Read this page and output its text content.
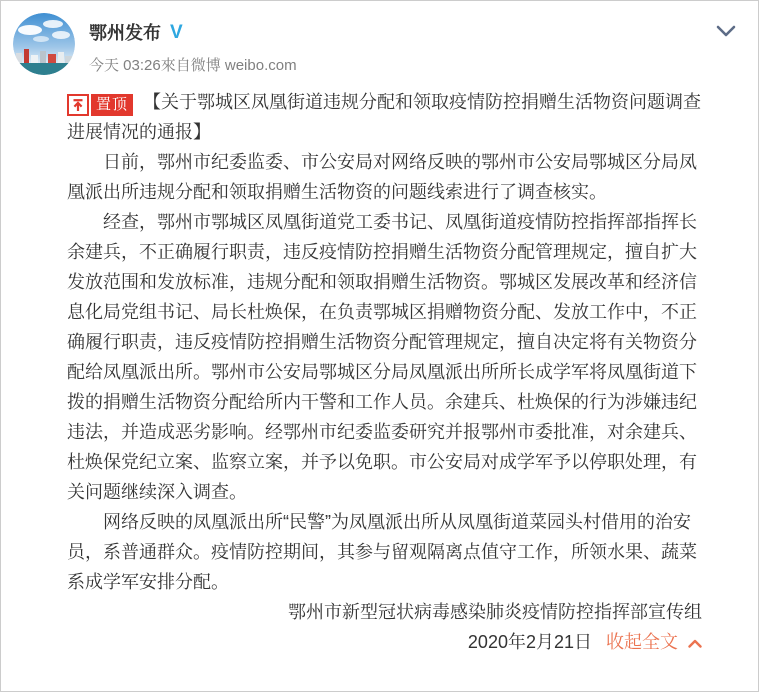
鄂州发布 V
今天 03:26來自微博 weibo.com

置顶 【关于鄂城区凤凰街道违规分配和领取疫情防控捐赠生活物资问题调查进展情况的通报】

日前，鄂州市纪委监委、市公安局对网络反映的鄂州市公安局鄂城区分局凤凰派出所违规分配和领取捐赠生活物资的问题线索进行了调查核实。

经查，鄂州市鄂城区凤凰街道党工委书记、凤凰街道疫情防控指挥部指挥长余建兵，不正确履行职责，违反疫情防控捐赠生活物资分配管理规定，擅自扩大发放范围和发放标准，违规分配和领取捐赠生活物资。鄂城区发展改革和经济信息化局党组书记、局长杜焕保，在负责鄂城区捐赠物资分配、发放工作中，不正确履行职责，违反疫情防控捐赠生活物资分配管理规定，擅自决定将有关物资分配给凤凰派出所。鄂州市公安局鄂城区分局凤凰派出所所长成学军将凤凰街道下拨的捐赠生活物资分配给所内干警和工作人员。余建兵、杜焕保的行为涉嫌违纪违法，并造成恶劣影响。经鄂州市纪委监委研究并报鄂州市委批准，对余建兵、杜焕保党纪立案、监察立案，并予以免职。市公安局对成学军予以停职处理，有关问题继续深入调查。

网络反映的凤凰派出所“民警”为凤凰派出所从凤凰街道菜园头村借用的治安员，系普通群众。疫情防控期间，其参与留观隔离点值守工作，所领水果、蔬菜系成学军安排分配。

鄂州市新型冠状病毒感染肺炎疫情防控指挥部宣传组

2020年2月21日 收起全文
